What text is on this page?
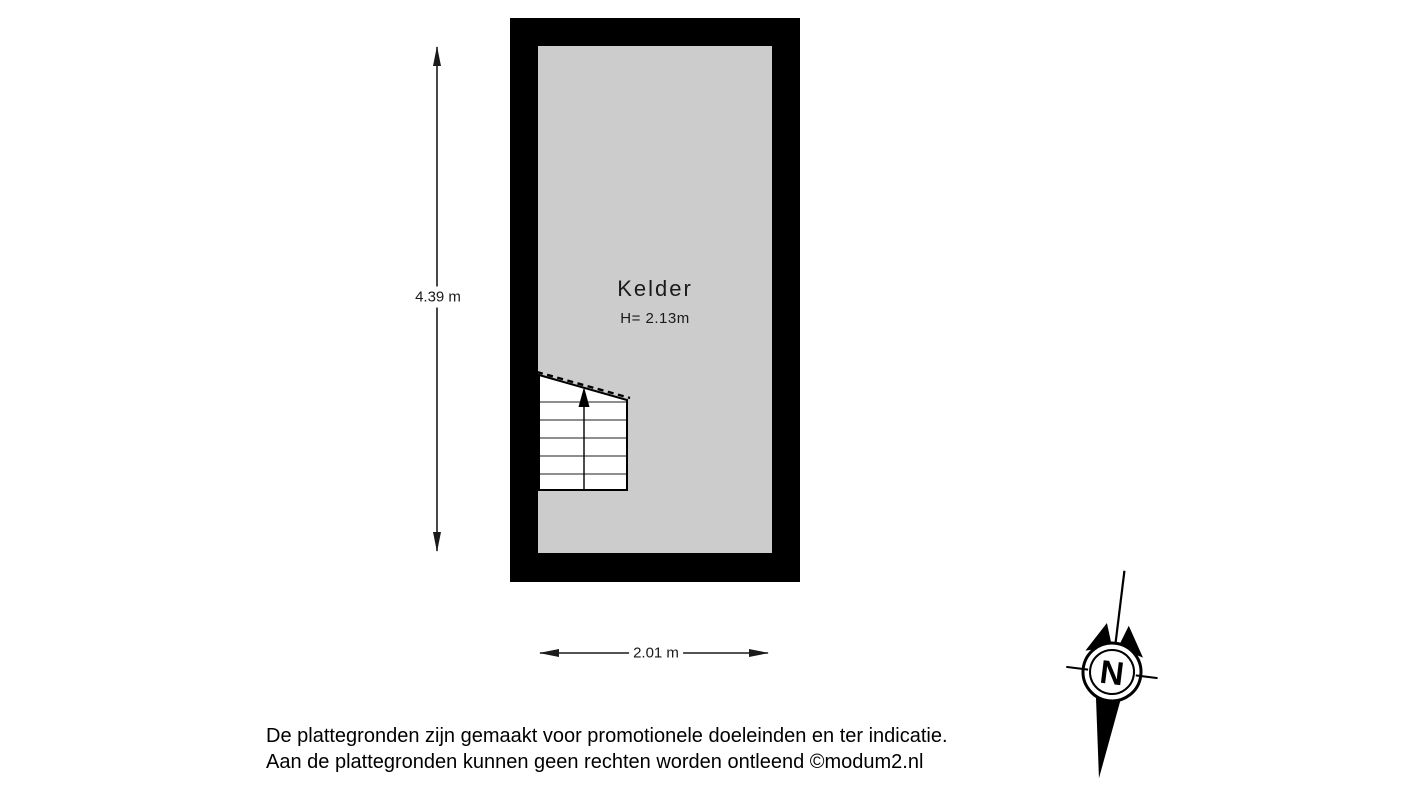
Kelder
H= 2.13m
4.39 m
2.01 m	N
De plattegronden zijn gemaakt voor promotionele doeleinden en ter indicatie.
Aan de plattegronden kunnen geen rechten worden ontleend ©modum2.nl
